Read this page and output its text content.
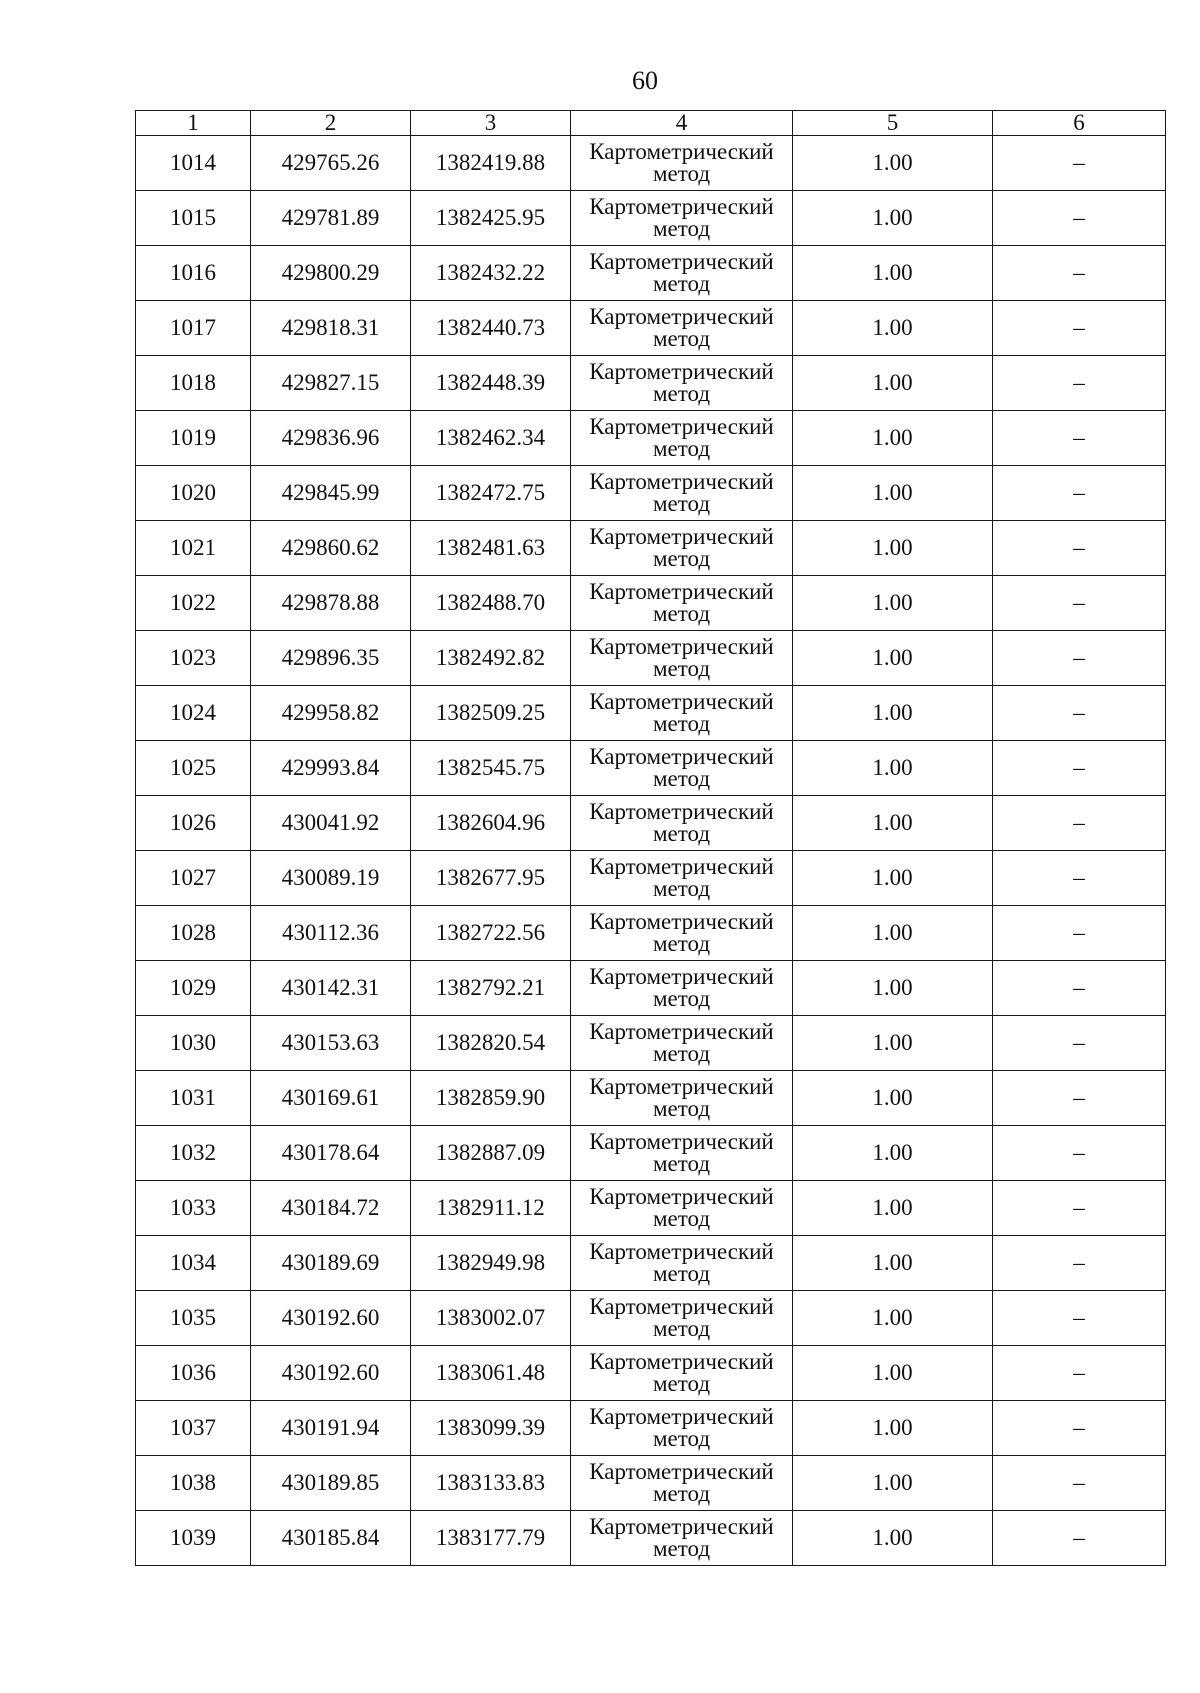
60
1	2	3	4	5	6
1014	429765.26	1382419.88	Картометрический
метод	1.00	–
1015	429781.89	1382425.95	Картометрический
метод	1.00	–
1016	429800.29	1382432.22	Картометрический
метод	1.00	–
1017	429818.31	1382440.73	Картометрический
метод	1.00	–
1018	429827.15	1382448.39	Картометрический
метод	1.00	–
1019	429836.96	1382462.34	Картометрический
метод	1.00	–
1020	429845.99	1382472.75	Картометрический
метод	1.00	–
1021	429860.62	1382481.63	Картометрический
метод	1.00	–
1022	429878.88	1382488.70	Картометрический
метод	1.00	–
1023	429896.35	1382492.82	Картометрический
метод	1.00	–
1024	429958.82	1382509.25	Картометрический
метод	1.00	–
1025	429993.84	1382545.75	Картометрический
метод	1.00	–
1026	430041.92	1382604.96	Картометрический
метод	1.00	–
1027	430089.19	1382677.95	Картометрический
метод	1.00	–
1028	430112.36	1382722.56	Картометрический
метод	1.00	–
1029	430142.31	1382792.21	Картометрический
метод	1.00	–
1030	430153.63	1382820.54	Картометрический
метод	1.00	–
1031	430169.61	1382859.90	Картометрический
метод	1.00	–
1032	430178.64	1382887.09	Картометрический
метод	1.00	–
1033	430184.72	1382911.12	Картометрический
метод	1.00	–
1034	430189.69	1382949.98	Картометрический
метод	1.00	–
1035	430192.60	1383002.07	Картометрический
метод	1.00	–
1036	430192.60	1383061.48	Картометрический
метод	1.00	–
1037	430191.94	1383099.39	Картометрический
метод	1.00	–
1038	430189.85	1383133.83	Картометрический
метод	1.00	–
1039	430185.84	1383177.79	Картометрический
метод	1.00	–
